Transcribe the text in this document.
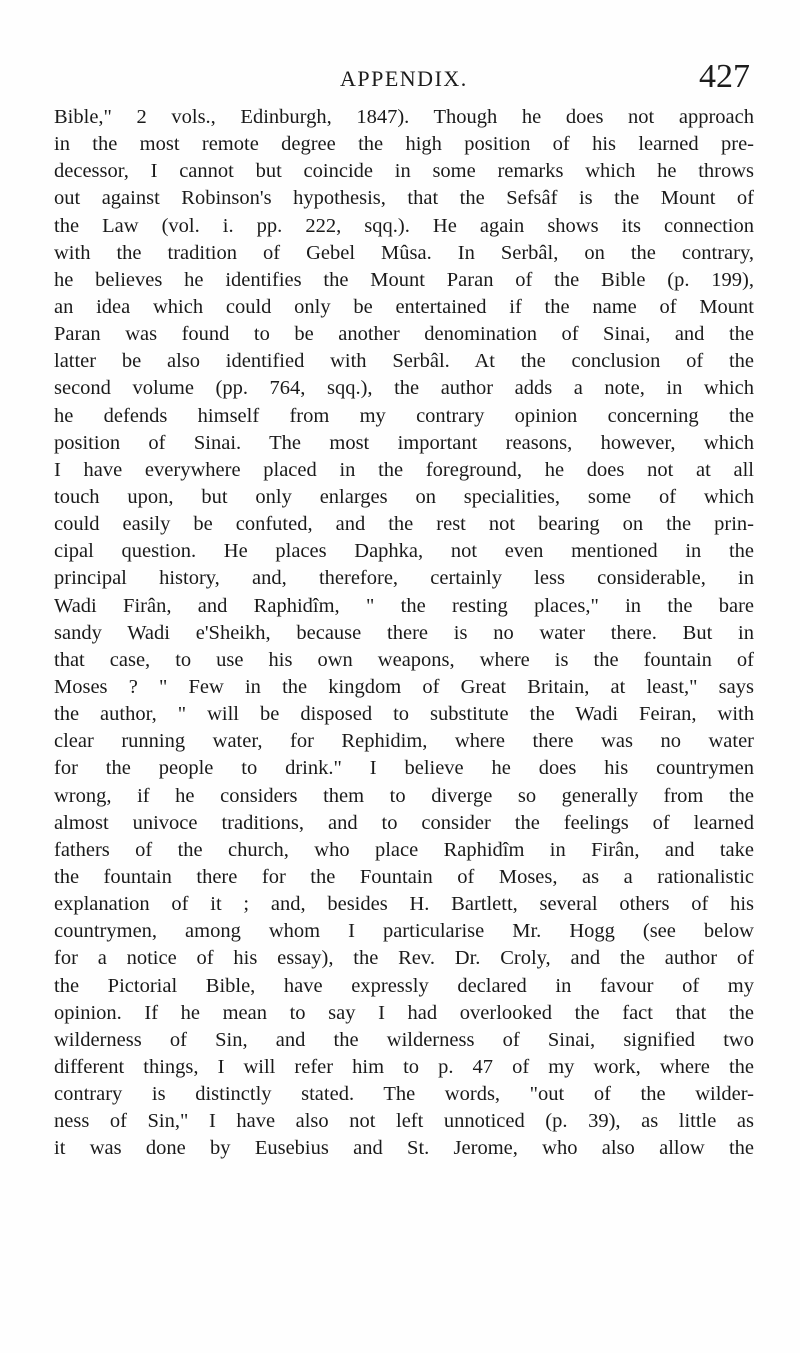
APPENDIX.	427
Bible," 2 vols., Edinburgh, 1847). Though he does not approach
in the most remote degree the high position of his learned pre-
decessor, I cannot but coincide in some remarks which he throws
out against Robinson's hypothesis, that the Sefsâf is the Mount of
the Law (vol. i. pp. 222, sqq.). He again shows its connection
with the tradition of Gebel Mûsa. In Serbâl, on the contrary,
he believes he identifies the Mount Paran of the Bible (p. 199),
an idea which could only be entertained if the name of Mount
Paran was found to be another denomination of Sinai, and the
latter be also identified with Serbâl. At the conclusion of the
second volume (pp. 764, sqq.), the author adds a note, in which
he defends himself from my contrary opinion concerning the
position of Sinai. The most important reasons, however, which
I have everywhere placed in the foreground, he does not at all
touch upon, but only enlarges on specialities, some of which
could easily be confuted, and the rest not bearing on the prin-
cipal question. He places Daphka, not even mentioned in the
principal history, and, therefore, certainly less considerable, in
Wadi Firân, and Raphidîm, " the resting places," in the bare
sandy Wadi e'Sheikh, because there is no water there. But in
that case, to use his own weapons, where is the fountain of
Moses ? " Few in the kingdom of Great Britain, at least," says
the author, " will be disposed to substitute the Wadi Feiran, with
clear running water, for Rephidim, where there was no water
for the people to drink." I believe he does his countrymen
wrong, if he considers them to diverge so generally from the
almost univoce traditions, and to consider the feelings of learned
fathers of the church, who place Raphidîm in Firân, and take
the fountain there for the Fountain of Moses, as a rationalistic
explanation of it ; and, besides H. Bartlett, several others of his
countrymen, among whom I particularise Mr. Hogg (see below
for a notice of his essay), the Rev. Dr. Croly, and the author of
the Pictorial Bible, have expressly declared in favour of my
opinion. If he mean to say I had overlooked the fact that the
wilderness of Sin, and the wilderness of Sinai, signified two
different things, I will refer him to p. 47 of my work, where the
contrary is distinctly stated. The words, "out of the wilder-
ness of Sin," I have also not left unnoticed (p. 39), as little as
it was done by Eusebius and St. Jerome, who also allow the
